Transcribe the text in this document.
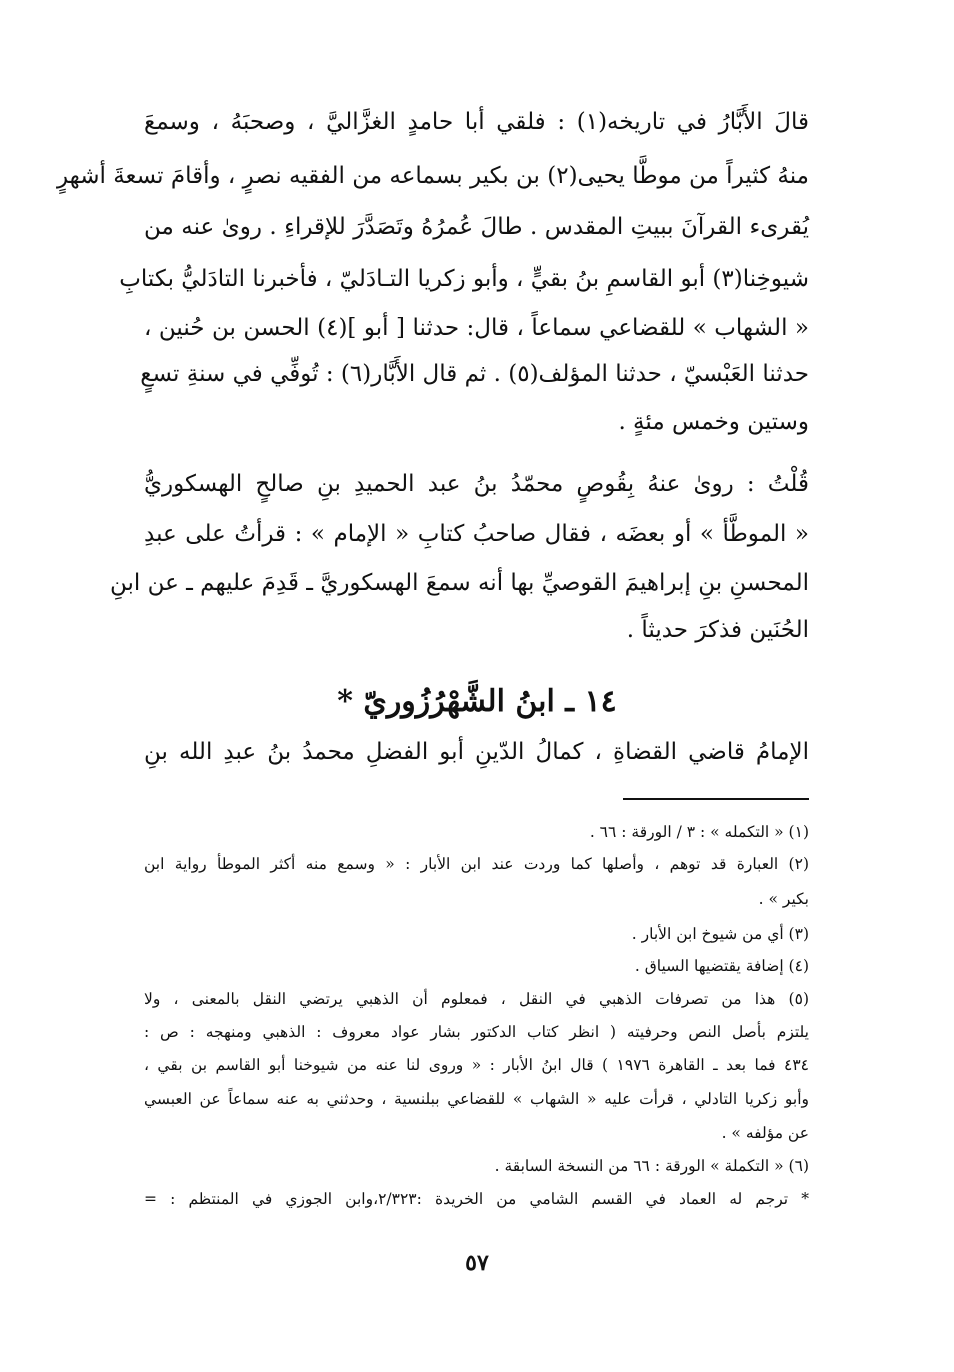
قالَ الأَبَّارُ في تاريخه(١) : فلقي أبا حامدٍ الغزَّاليَّ ، وصحبَهُ ، وسمعَ
منهُ كثيراً من موطَّا يحيى(٢) بن بكير بسماعه من الفقيه نصرٍ ، وأقامَ تسعةَ أشهرٍ
يُقرىء القرآنَ ببيتِ المقدس . طالَ عُمرُهُ وتَصَدَّرَ للإقراءِ . روىٰ عنه من
شيوخِنا(٣) أبو القاسمِ بنُ بقيٍّ ، وأبو زكريا التـادَليّ ، فأخبرنا التادَليُّ بكتابِ
« الشهاب » للقضاعي سماعاً ، قال: حدثنا [ أبو ](٤) الحسن بن حُنين ،
حدثنا العَبْسيّ ، حدثنا المؤلف(٥) . ثم قال الأَبَّار(٦) : تُوفِّي في سنةِ تسعٍ
وستين وخمس مئةٍ .
قُلْتُ : روىٰ عنهُ بِقُوصٍ محمّدُ بنُ عبد الحميدِ بنِ صالحٍ الهسكوريُّ
« الموطَّأ » أو بعضَه ، فقال صاحبُ كتابِ « الإمام » : قرأتُ على عبدِ
المحسنِ بنِ إبراهيمَ القوصيِّ بها أنه سمعَ الهسكوريَّ ـ قَدِمَ عليهم ـ عن ابنِ
الحُنَين فذكرَ حديثاً .
١٤ ـ ابنُ الشَّهْرُزُوريّ *
الإمامُ قاضي القضاةِ ، كمالُ الدّينِ أبو الفضلِ محمدُ بنُ عبدِ الله بنِ
(١) « التكمله » : ٣ / الورقة : ٦٦ .
(٢) العبارة قد توهم ، وأصلها كما وردت عند ابن الأبار : « وسمع منه أكثر الموطأ رواية ابن
بكير » .
(٣) أي من شيوخ ابن الأبار .
(٤) إضافة يقتضيها السياق .
(٥) هذا من تصرفات الذهبي في النقل ، فمعلوم أن الذهبي يرتضي النقل بالمعنى ، ولا
يلتزم بأصل النص وحرفيته ( انظر كتاب الدكتور بشار عواد معروف : الذهبي ومنهجه : ص :
٤٣٤ فما بعد ـ القاهرة ١٩٧٦ ) قال ابنُ الأبار : « وروى لنا عنه من شيوخنا أبو القاسم بن بقي ،
وأبو زكريا التادلي ، قرأت عليه « الشهاب » للقضاعي ببلنسية ، وحدثني به عنه سماعاً عن العبسي
عن مؤلفه » .
(٦) « التكملة » الورقة : ٦٦ من النسخة السابقة .
* ترجم له العماد في القسم الشامي من الخريدة :٢/٣٢٣،وابن الجوزي في المنتظم : =
٥٧
